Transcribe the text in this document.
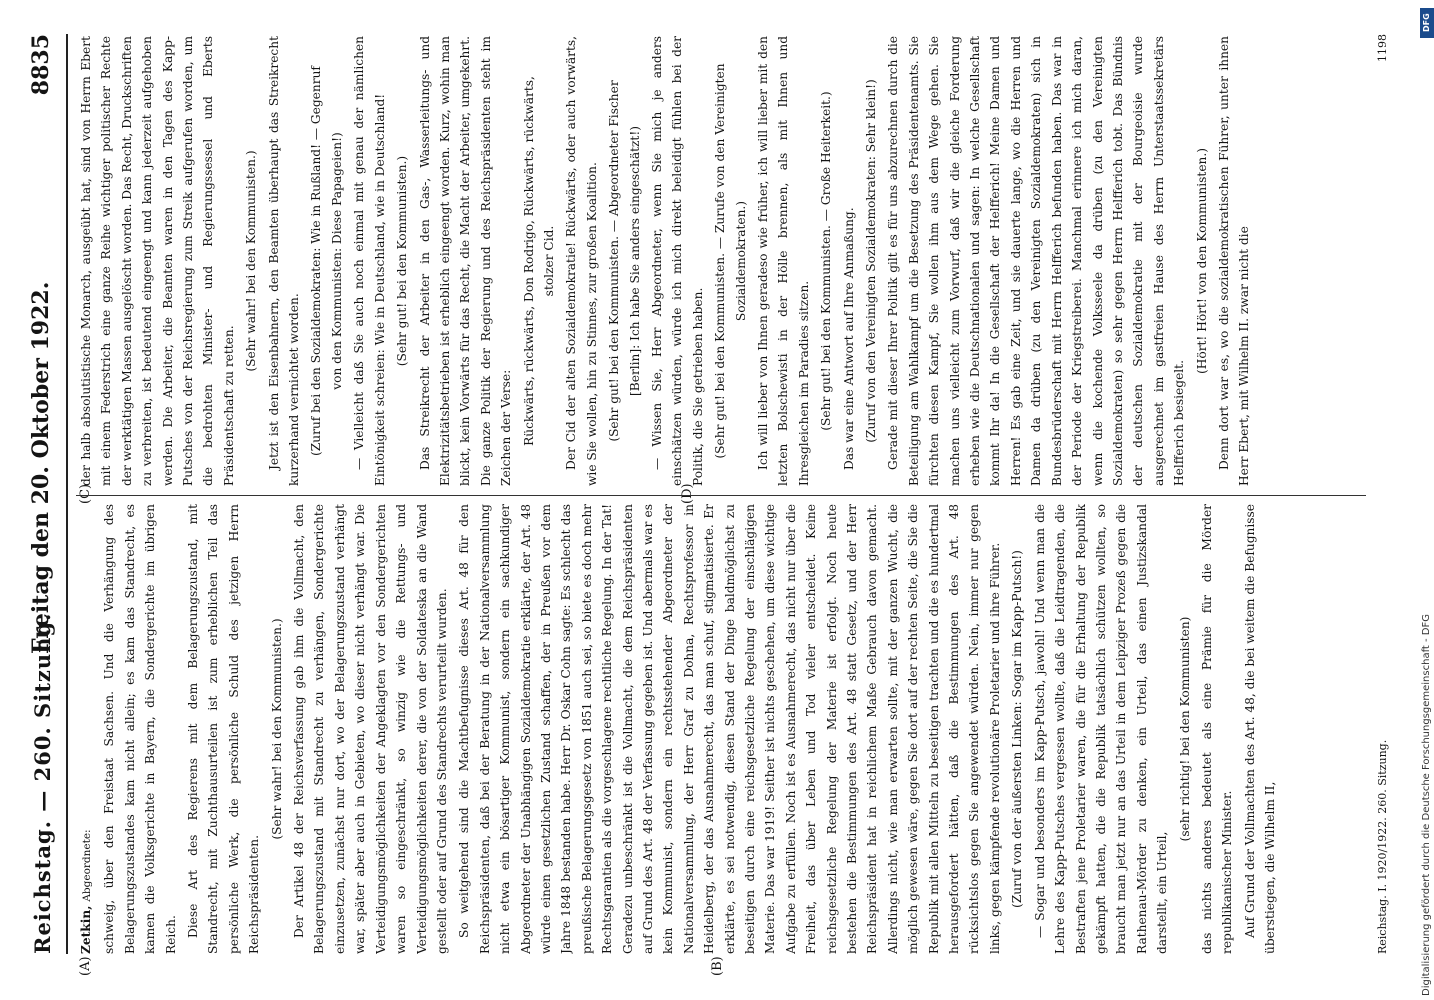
Reichstag. — 260. Sitzung.
8835
Freitag den 20. Oktober 1922.
(A)	(B)
(C)	(D)

Zetkin, Abgeordnete: schweig, über den Freistaat Sachsen. Und die Verhängung des Belagerungszustandes kam nicht allein; es kam das Standrecht, es kamen die Volksgerichte in Bayern, die Sondergerichte im übrigen Reich. Diese Art des Regierens mit dem Belagerungszustand, mit Standrecht, mit Zuchthausurteilen ist zum erheblichen Teil das persönliche Werk, die persönliche Schuld des jetzigen Herrn Reichspräsidenten.

(Sehr wahr! bei den Kommunisten.) Der Artikel 48 der Reichsverfassung gab ihm die Vollmacht, den Belagerungszustand mit Standrecht zu verhängen, Sondergerichte einzusetzen, zunächst nur dort, wo der Belagerungszustand verhängt war, später aber auch in Gebieten, wo dieser nicht verhängt war. Die Verteidigungsmöglichkeiten der Angeklagten vor den Sondergerichten waren so eingeschränkt, so winzig wie die Rettungs- und Verteidigungsmöglichkeiten derer, die von der Soldateska an die Wand gestellt oder auf Grund des Standrechts verurteilt wurden. So weitgehend sind die Machtbefugnisse dieses Art. 48 für den Reichspräsidenten, daß bei der Beratung in der Nationalversammlung nicht etwa ein bösartiger Kommunist, sondern ein sachkundiger Abgeordneter der Unabhängigen Sozialdemokratie erklärte, der Art. 48 würde einen gesetzlichen Zustand schaffen, der in Preußen vor dem Jahre 1848 bestanden habe. Herr Dr. Oskar Cohn sagte: Es schlecht das preußische Belagerungsgesetz von 1851 auch sei, so biete es doch mehr Rechtsgarantien als die vorgeschlagene rechtliche Regelung. In der Tat! Geradezu unbeschränkt ist die Vollmacht, die dem Reichspräsidenten auf Grund des Art. 48 der Verfassung gegeben ist. Und abermals war es kein Kommunist, sondern ein rechtsstehender Abgeordneter der Nationalversammlung, der Herr Graf zu Dohna, Rechtsprofessor in Heidelberg, der das Ausnahmerecht, das man schuf, stigmatisierte. Er erklärte, es sei notwendig, diesen Stand der Dinge baldmöglichst zu beseitigen durch eine reichsgesetzliche Regelung der einschlägigen Materie. Das war 1919! Seither ist nichts geschehen, um diese wichtige Aufgabe zu erfüllen. Noch ist es Ausnahmerecht, das nicht nur über die Freiheit, das über Leben und Tod vieler entscheidet. Keine reichsgesetzliche Regelung der Materie ist erfolgt. Noch heute bestehen die Bestimmungen des Art. 48 statt Gesetz, und der Herr Reichspräsident hat in reichlichem Maße Gebrauch davon gemacht. Allerdings nicht, wie man erwarten sollte, mit der ganzen Wucht, die möglich gewesen wäre, gegen Sie dort auf der rechten Seite, die Sie die Republik mit allen Mitteln zu beseitigen trachten und die es hundertmal herausgefordert hätten, daß die Bestimmungen des Art. 48 rücksichtslos gegen Sie angewendet würden. Nein, immer nur gegen links, gegen kämpfende revolutionäre Proletarier und ihre Führer. (Zuruf von der äußersten Linken: Sogar im Kapp-Putsch!) — Sogar und besonders im Kapp-Putsch, jawohl! Und wenn man die Lehre des Kapp-Putsches vergessen wollte, daß die Leidtragenden, die Bestraften jene Proletarier waren, die für die Erhaltung der Republik gekämpft hatten, die die Republik tatsächlich schützen wollten, so braucht man jetzt nur an das Urteil in dem Leipziger Prozeß gegen die Rathenau-Mörder zu denken, ein Urteil, das einen Justizskandal darstellt, ein Urteil,

(sehr richtig! bei den Kommunisten) das nichts anderes bedeutet als eine Prämie für die Mörder republikanischer Minister. Auf Grund der Vollmachten des Art. 48, die bei weitem die Befugnisse überstiegen, die Wilhelm II,

der halb absolutistische Monarch, ausgeübt hat, sind von Herrn Ebert mit einem Federstrich eine ganze Reihe wichtiger politischer Rechte der werktätigen Massen ausgelöscht worden. Das Recht, Druckschriften zu verbreiten, ist bedeutend eingeengt und kann jederzeit aufgehoben werden. Die Arbeiter, die Beamten waren in den Tagen des Kapp-Putsches von der Reichsregierung zum Streik aufgerufen worden, um die bedrohten Minister- und Regierungssessel und Eberts Präsidentschaft zu retten.

(Sehr wahr! bei den Kommunisten.) Jetzt ist den Eisenbahnern, den Beamten überhaupt das Streikrecht kurzerhand vernichtet worden. (Zuruf bei den Sozialdemokraten: Wie in Rußland! — Gegenruf von den Kommunisten: Diese Papageien!) — Vielleicht daß Sie auch noch einmal mit genau der nämlichen Eintönigkeit schreien: Wie in Deutschland, wie in Deutschland! (Sehr gut! bei den Kommunisten.) Das Streikrecht der Arbeiter in den Gas-, Wasserleitungs- und Elektrizitätsbetrieben ist erheblich eingeengt worden. Kurz, wohin man blickt, kein Vorwärts für das Recht, die Macht der Arbeiter, umgekehrt. Die ganze Politik der Regierung und des Reichspräsidenten steht im Zeichen der Verse: Rückwärts, rückwärts, Don Rodrigo, Rückwärts, rückwärts, stolzer Cid. Der Cid der alten Sozialdemokratie! Rückwärts, oder auch vorwärts, wie Sie wollen, hin zu Stinnes, zur großen Koalition. (Sehr gut! bei den Kommunisten. — Abgeordneter Fischer [Berlin]: Ich habe Sie anders eingeschätzt!) — Wissen Sie, Herr Abgeordneter, wenn Sie mich je anders einschätzen würden, würde ich mich direkt beleidigt fühlen bei der Politik, die Sie getrieben haben. (Sehr gut! bei den Kommunisten. — Zurufe von den Vereinigten Sozialdemokraten.) Ich will lieber von Ihnen geradeso wie früher, ich will lieber mit den letzten Bolschewisti in der Hölle brennen, als mit Ihnen und Ihresgleichen im Paradies sitzen. (Sehr gut! bei den Kommunisten. — Große Heiterkeit.) Das war eine Antwort auf Ihre Anmaßung. (Zuruf von den Vereinigten Sozialdemokraten: Sehr klein!) Gerade mit dieser Ihrer Politik gilt es für uns abzurechnen durch die Beteiligung am Wahlkampf um die Besetzung des Präsidentenamts. Sie fürchten diesen Kampf, Sie wollen ihm aus dem Wege gehen. Sie machen uns vielleicht zum Vorwurf, daß wir die gleiche Forderung erheben wie die Deutschnationalen und sagen: In welche Gesellschaft kommt Ihr da! In die Gesellschaft der Helfferich! Meine Damen und Herren! Es gab eine Zeit, und sie dauerte lange, wo die Herren und Damen da drüben (zu den Vereinigten Sozialdemokraten) sich in Bundesbrüderschaft mit Herrn Helfferich befunden haben. Das war in der Periode der Kriegstreiberei. Manchmal erinnere ich mich daran, wenn die kochende Volksseele da drüben (zu den Vereinigten Sozialdemokraten) so sehr gegen Herrn Helfferich tobt. Das Bündnis der deutschen Sozialdemokratie mit der Bourgeoisie wurde ausgerechnet im gastfreien Hause des Herrn Unterstaatssekretärs Helfferich besiegelt.

(Hört! Hört! von den Kommunisten.) Denn dort war es, wo die sozialdemokratischen Führer, unter ihnen Herr Ebert, mit Wilhelm II. zwar nicht die

Reichstag. I. 1920/1922. 260. Sitzung.
1198
Digitalisierung gefördert durch die Deutsche Forschungsgemeinschaft - DFG
DFG
